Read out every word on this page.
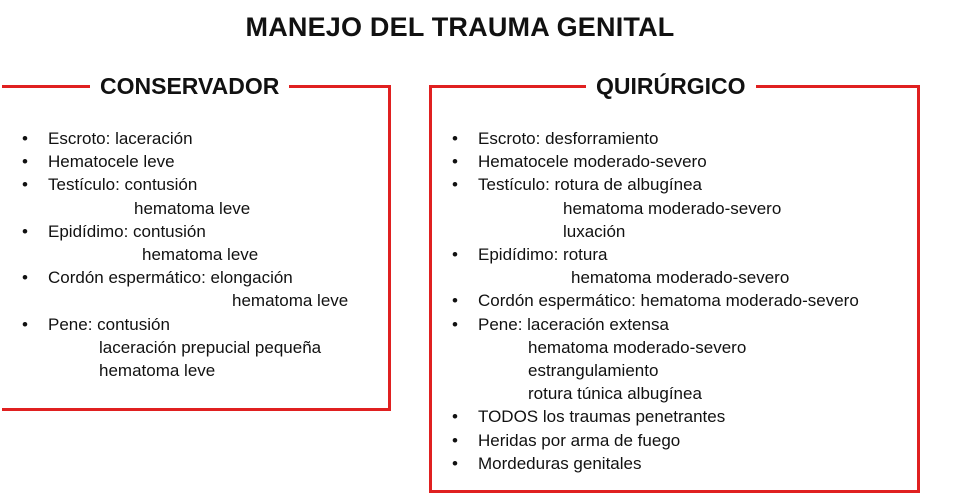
MANEJO DEL TRAUMA GENITAL
CONSERVADOR
•	Escroto: laceración
•	Hematocele leve
•	Testículo: contusión
hematoma leve
•	Epidídimo: contusión
hematoma leve
•	Cordón espermático: elongación
hematoma leve
•	Pene: contusión
laceración prepucial pequeña
hematoma leve
QUIRÚRGICO
•	Escroto: desforramiento
•	Hematocele moderado-severo
•	Testículo: rotura de albugínea
hematoma moderado-severo
luxación
•	Epidídimo: rotura
hematoma moderado-severo
•	Cordón espermático: hematoma moderado-severo
•	Pene: laceración extensa
hematoma moderado-severo
estrangulamiento
rotura túnica albugínea
•	TODOS los traumas penetrantes
•	Heridas por arma de fuego
•	Mordeduras genitales
